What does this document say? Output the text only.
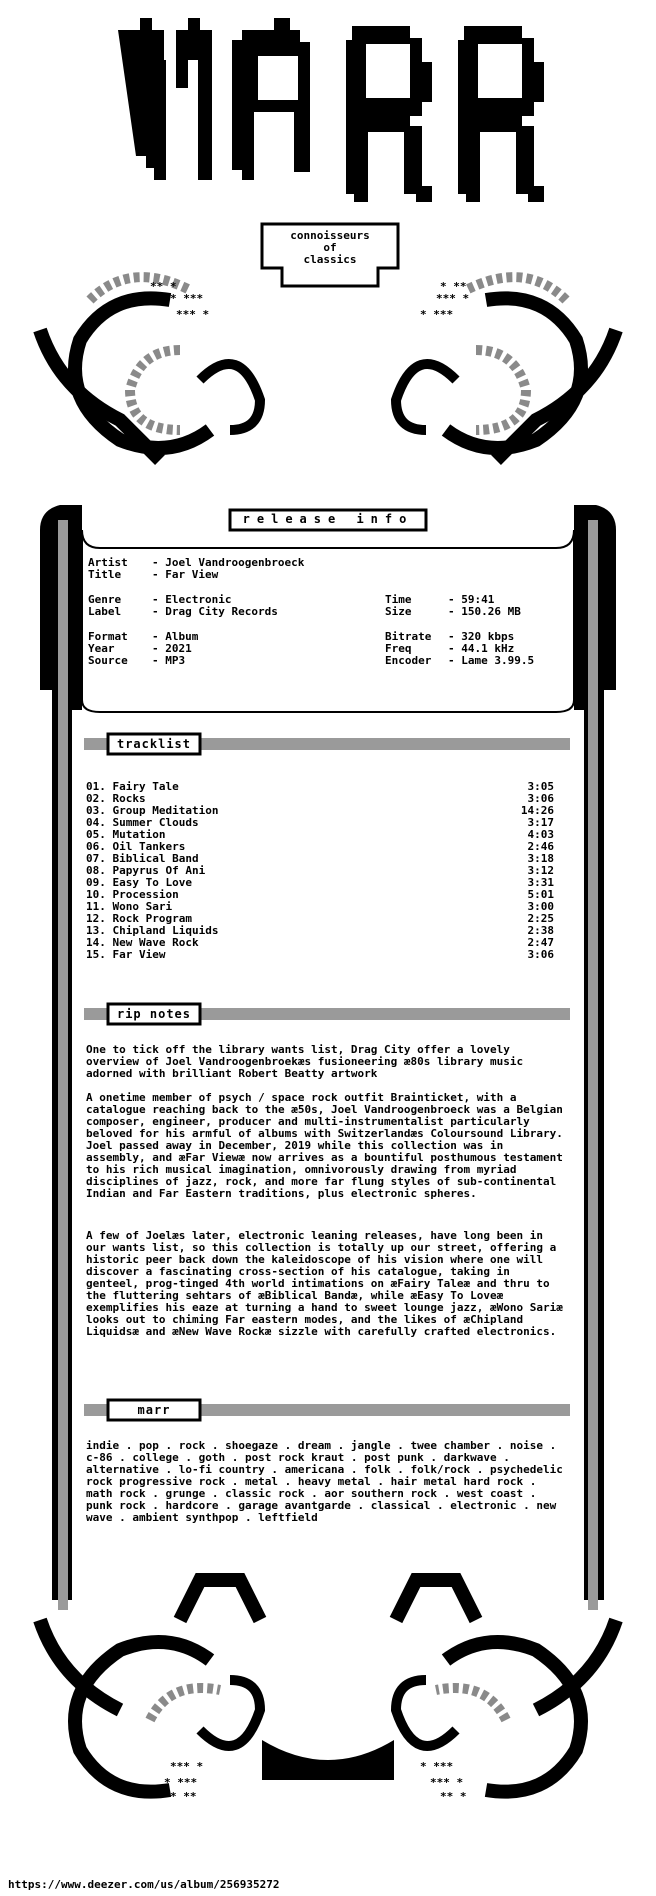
** *
* ***
*** *
* **
*** *
* ***
*** *
* ***
* **
* ***
*** *
** *
connoisseurs
of
classics
release info
tracklist
rip notes
marr
Artist - Joel Vandroogenbroeck
Title	- Far View
Genre	- Electronic
Label	- Drag City Records
Time	- 59:41
Size	- 150.26 MB
Format - Album
Year	- 2021
Source - MP3
Bitrate - 320 kbps
Freq	- 44.1 kHz
Encoder - Lame 3.99.5
01. Fairy Tale	3:05
02. Rocks	3:06
03. Group Meditation	14:26
04. Summer Clouds	3:17
05. Mutation	4:03
06. Oil Tankers	2:46
07. Biblical Band	3:18
08. Papyrus Of Ani	3:12
09. Easy To Love	3:31
10. Procession	5:01
11. Wono Sari	3:00
12. Rock Program	2:25
13. Chipland Liquids	2:38
14. New Wave Rock	2:47
15. Far View	3:06
One to tick off the library wants list, Drag City offer a lovely overview of Joel Vandroogenbroekæs fusioneering æ80s library music adorned with brilliant Robert Beatty artwork
A onetime member of psych / space rock outfit Brainticket, with a catalogue reaching back to the æ50s, Joel Vandroogenbroeck was a Belgian composer, engineer, producer and multi-instrumentalist particularly beloved for his armful of albums with Switzerlandæs Coloursound Library. Joel passed away in December, 2019 while this collection was in assembly, and æFar Viewæ now arrives as a bountiful posthumous testament to his rich musical imagination, omnivorously drawing from myriad disciplines of jazz, rock, and more far flung styles of sub-continental Indian and Far Eastern traditions, plus electronic spheres.
A few of Joelæs later, electronic leaning releases, have long been in our wants list, so this collection is totally up our street, offering a historic peer back down the kaleidoscope of his vision where one will discover a fascinating cross-section of his catalogue, taking in genteel, prog-tinged 4th world intimations on æFairy Taleæ and thru to the fluttering sehtars of æBiblical Bandæ, while æEasy To Loveæ exemplifies his eaze at turning a hand to sweet lounge jazz, æWono Sariæ looks out to chiming Far eastern modes, and the likes of æChipland Liquidsæ and æNew Wave Rockæ sizzle with carefully crafted electronics.
indie . pop . rock . shoegaze . dream . jangle . twee chamber . noise . c-86 . college . goth . post rock kraut . post punk . darkwave . alternative . lo-fi country . americana . folk . folk/rock . psychedelic rock progressive rock . metal . heavy metal . hair metal hard rock . math rock . grunge . classic rock . aor southern rock . west coast . punk rock . hardcore . garage avantgarde . classical . electronic . new wave . ambient synthpop . leftfield
https://www.deezer.com/us/album/256935272
